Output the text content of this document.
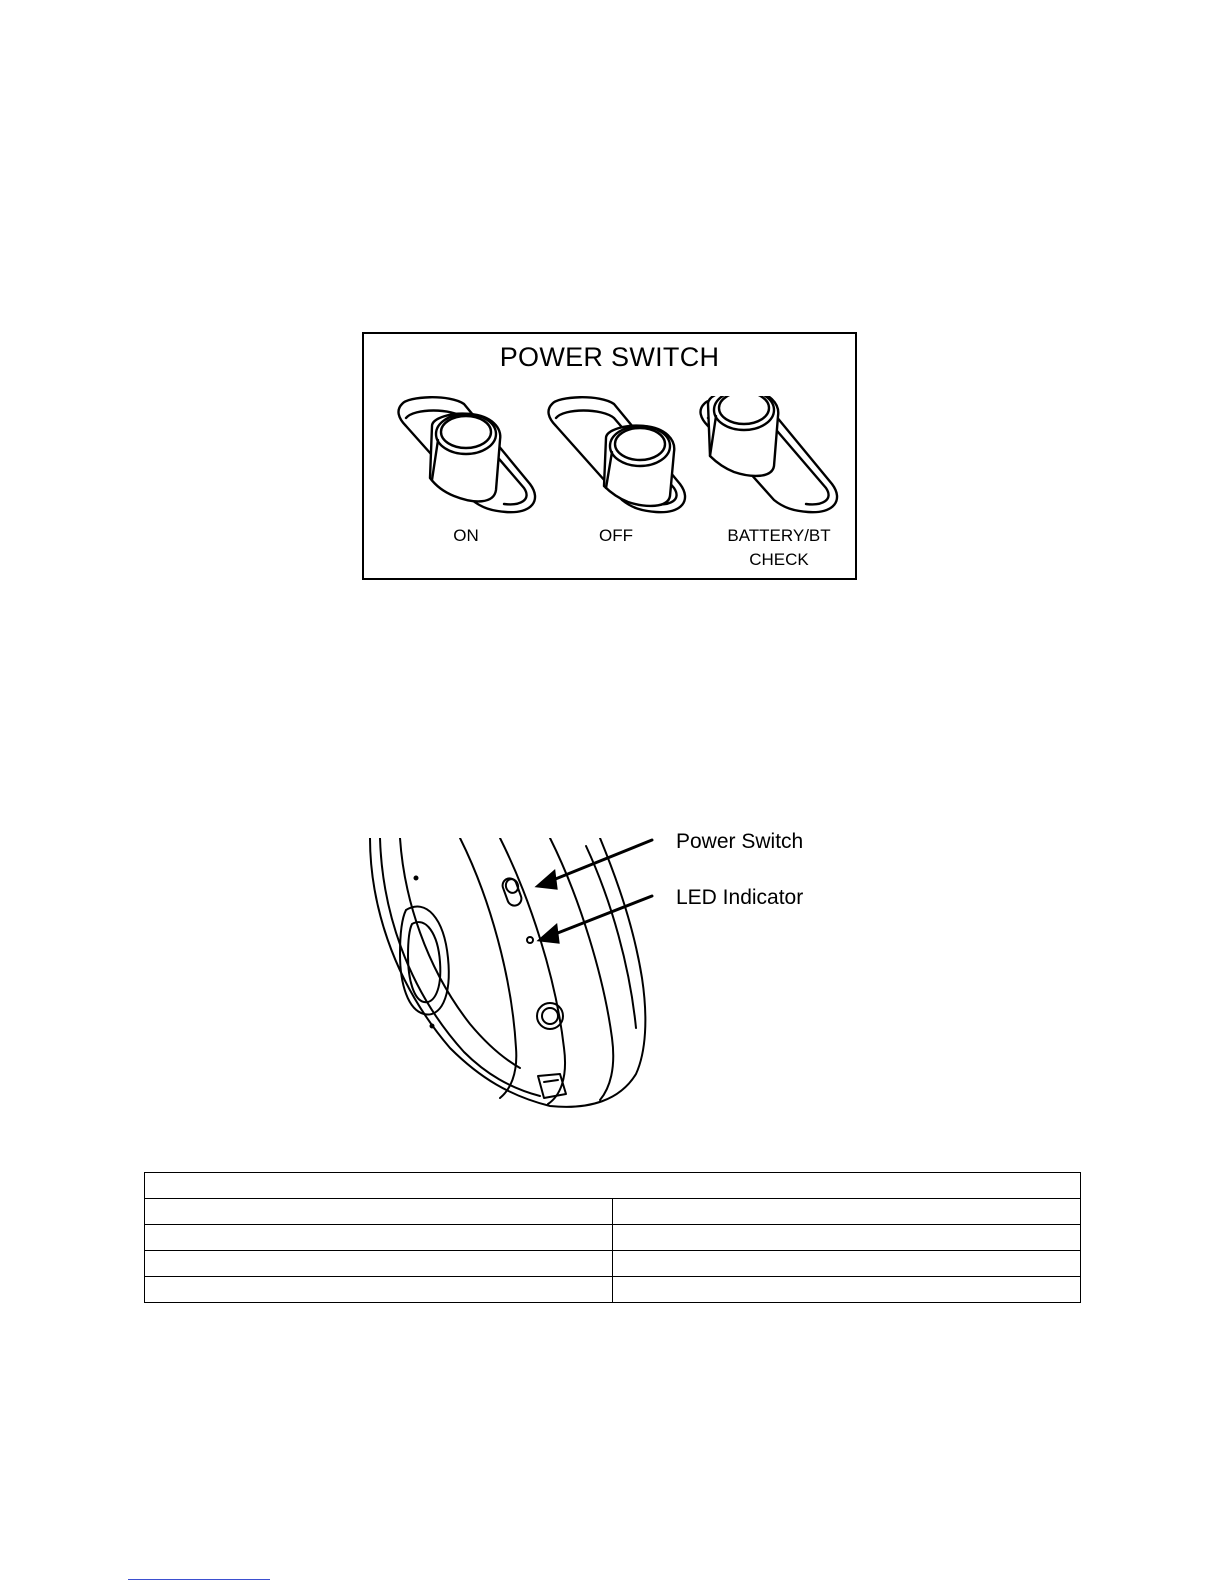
POWER SWITCH
ON	OFF	BATTERY/BT
CHECK
Power Switch
LED Indicator
